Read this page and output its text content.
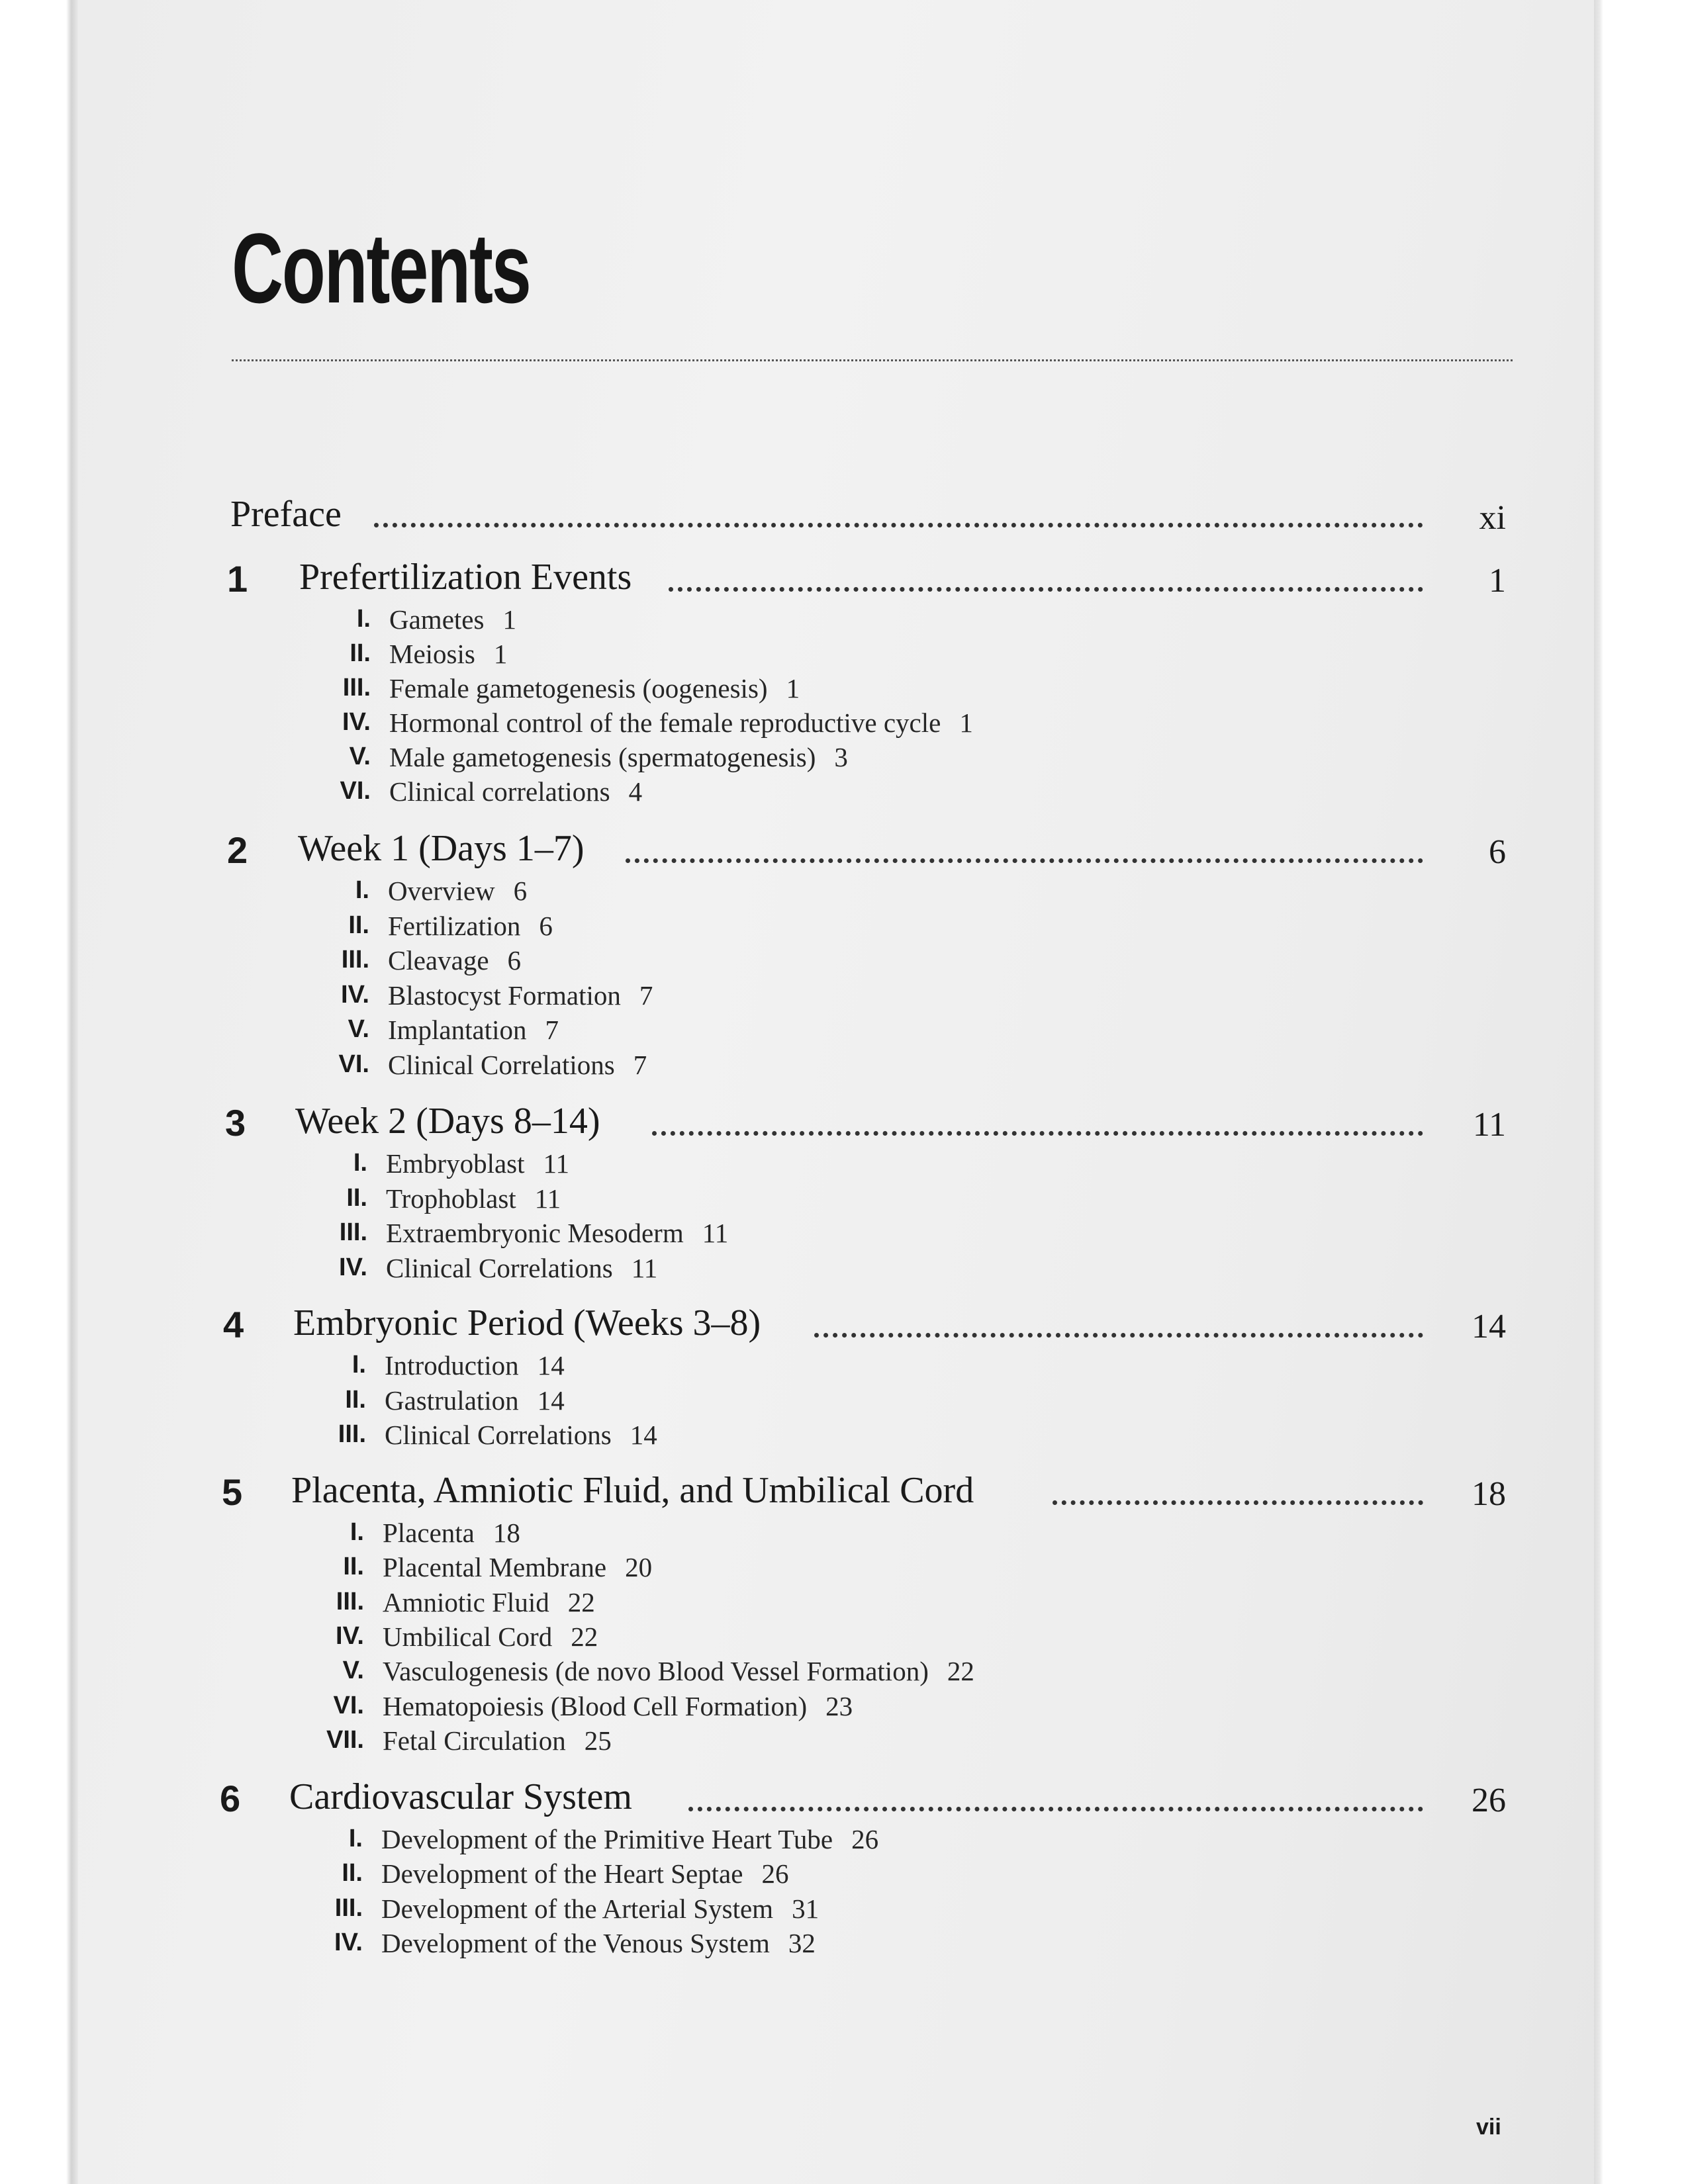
Contents
Preface	xi
1 Prefertilization Events	1
I. Gametes 1
II. Meiosis 1
III. Female gametogenesis (oogenesis) 1
IV. Hormonal control of the female reproductive cycle 1
V. Male gametogenesis (spermatogenesis) 3
VI. Clinical correlations 4
2 Week 1 (Days 1–7)	6
I. Overview 6
II. Fertilization 6
III. Cleavage 6
IV. Blastocyst Formation 7
V. Implantation 7
VI. Clinical Correlations 7
3 Week 2 (Days 8–14)	11
I. Embryoblast 11
II. Trophoblast 11
III. Extraembryonic Mesoderm 11
IV. Clinical Correlations 11
4 Embryonic Period (Weeks 3–8)	14
I. Introduction 14
II. Gastrulation 14
III. Clinical Correlations 14
5 Placenta, Amniotic Fluid, and Umbilical Cord	18
I. Placenta 18
II. Placental Membrane 20
III. Amniotic Fluid 22
IV. Umbilical Cord 22
V. Vasculogenesis (de novo Blood Vessel Formation) 22
VI. Hematopoiesis (Blood Cell Formation) 23
VII. Fetal Circulation 25
6 Cardiovascular System	26
I. Development of the Primitive Heart Tube 26
II. Development of the Heart Septae 26
III. Development of the Arterial System 31
IV. Development of the Venous System 32
vii
